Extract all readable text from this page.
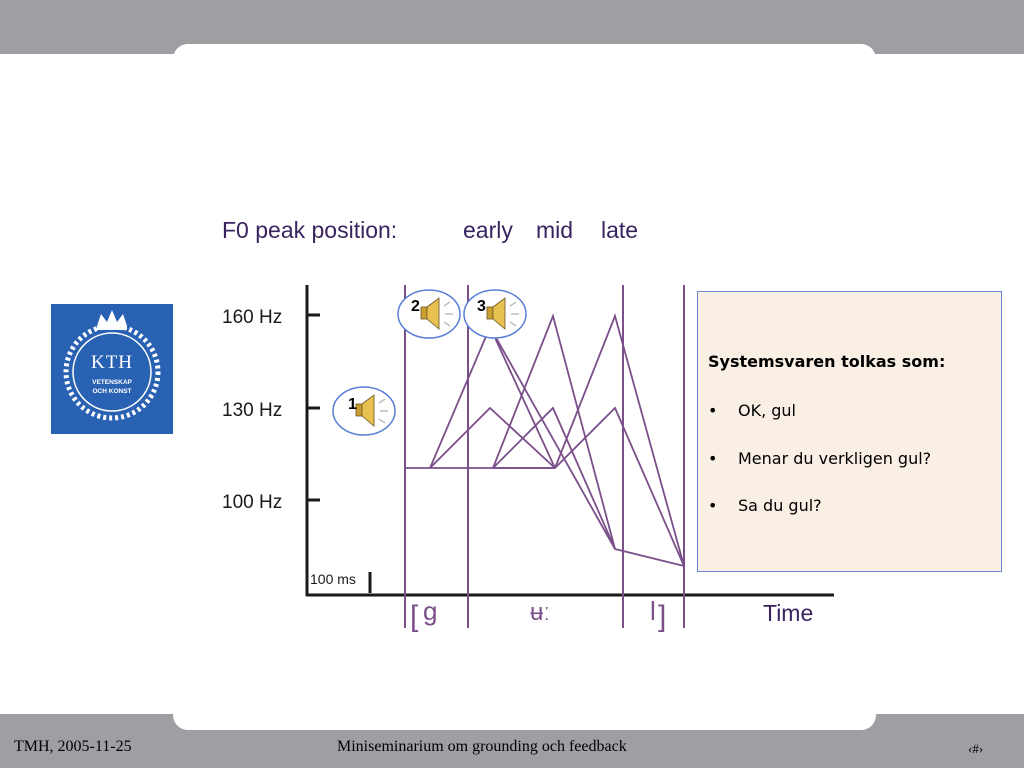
KTH
VETENSKAP
OCH KONST
F0 peak position:	early mid late
160 Hz
130 Hz
100 Hz
100 ms
[ g	ʉː	l ]	Time
1
2	3
Systemsvaren tolkas som:
• OK, gul
• Menar du verkligen gul?
• Sa du gul?
TMH, 2005-11-25	Miniseminarium om grounding och feedback	‹#›
